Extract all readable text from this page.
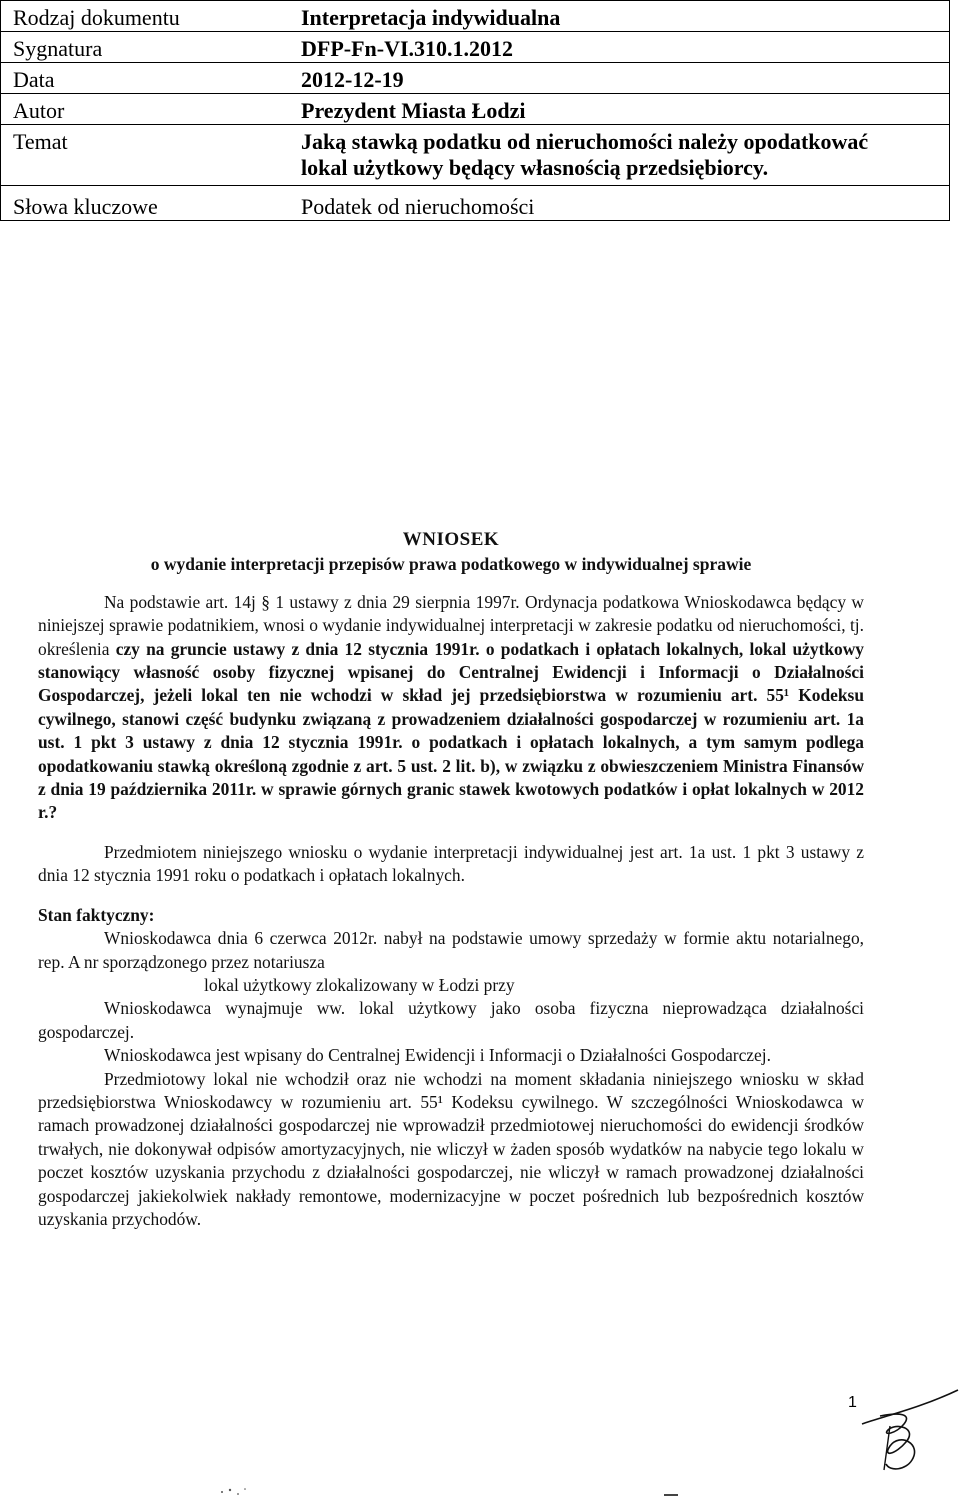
Rodzaj dokumentu	Interpretacja indywidualna
Sygnatura	DFP-Fn-VI.310.1.2012
Data	2012-12-19
Autor	Prezydent Miasta Łodzi
Temat	Jaką stawką podatku od nieruchomości należy opodatkować lokal użytkowy będący własnością przedsiębiorcy.
Słowa kluczowe	Podatek od nieruchomości
WNIOSEK
o wydanie interpretacji przepisów prawa podatkowego w indywidualnej sprawie

Na podstawie art. 14j § 1 ustawy z dnia 29 sierpnia 1997r. Ordynacja podatkowa Wnioskodawca będący w niniejszej sprawie podatnikiem, wnosi o wydanie indywidualnej interpretacji w zakresie podatku od nieruchomości, tj. określenia czy na gruncie ustawy z dnia 12 stycznia 1991r. o podatkach i opłatach lokalnych, lokal użytkowy stanowiący własność osoby fizycznej wpisanej do Centralnej Ewidencji i Informacji o Działalności Gospodarczej, jeżeli lokal ten nie wchodzi w skład jej przedsiębiorstwa w rozumieniu art. 55¹ Kodeksu cywilnego, stanowi część budynku związaną z prowadzeniem działalności gospodarczej w rozumieniu art. 1a ust. 1 pkt 3 ustawy z dnia 12 stycznia 1991r. o podatkach i opłatach lokalnych, a tym samym podlega opodatkowaniu stawką określoną zgodnie z art. 5 ust. 2 lit. b), w związku z obwieszczeniem Ministra Finansów z dnia 19 października 2011r. w sprawie górnych granic stawek kwotowych podatków i opłat lokalnych w 2012 r.?

Przedmiotem niniejszego wniosku o wydanie interpretacji indywidualnej jest art. 1a ust. 1 pkt 3 ustawy z dnia 12 stycznia 1991 roku o podatkach i opłatach lokalnych.

Stan faktyczny:

Wnioskodawca dnia 6 czerwca 2012r. nabył na podstawie umowy sprzedaży w formie aktu notarialnego, rep. A nr sporządzonego przez notariusza

lokal użytkowy zlokalizowany w Łodzi przy

Wnioskodawca wynajmuje ww. lokal użytkowy jako osoba fizyczna nieprowadząca działalności gospodarczej.

Wnioskodawca jest wpisany do Centralnej Ewidencji i Informacji o Działalności Gospodarczej.

Przedmiotowy lokal nie wchodził oraz nie wchodzi na moment składania niniejszego wniosku w skład przedsiębiorstwa Wnioskodawcy w rozumieniu art. 55¹ Kodeksu cywilnego. W szczególności Wnioskodawca w ramach prowadzonej działalności gospodarczej nie wprowadził przedmiotowej nieruchomości do ewidencji środków trwałych, nie dokonywał odpisów amortyzacyjnych, nie wliczył w żaden sposób wydatków na nabycie tego lokalu w poczet kosztów uzyskania przychodu z działalności gospodarczej, nie wliczył w ramach prowadzonej działalności gospodarczej jakiekolwiek nakłady remontowe, modernizacyjne w poczet pośrednich lub bezpośrednich kosztów uzyskania przychodów.

1
